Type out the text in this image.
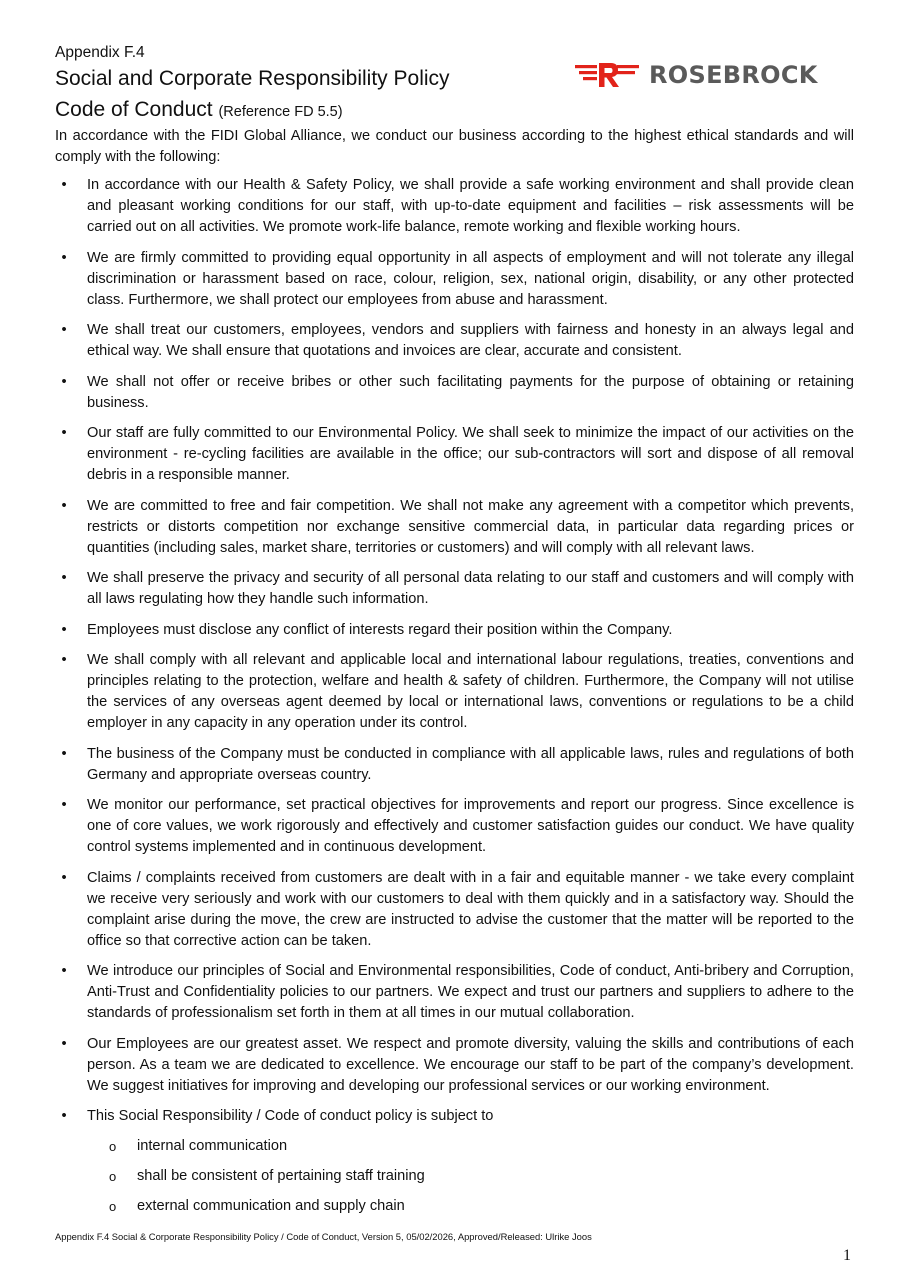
Appendix F.4
Social and Corporate Responsibility Policy
Code of Conduct (Reference FD 5.5)
ROSEBROCK
In accordance with the FIDI Global Alliance, we conduct our business according to the highest ethical standards and will comply with the following:
• In accordance with our Health & Safety Policy, we shall provide a safe working environment and shall provide clean and pleasant working conditions for our staff, with up-to-date equipment and facilities – risk assessments will be carried out on all activities. We promote work-life balance, remote working and flexible working hours.
• We are firmly committed to providing equal opportunity in all aspects of employment and will not tolerate any illegal discrimination or harassment based on race, colour, religion, sex, national origin, disability, or any other protected class. Furthermore, we shall protect our employees from abuse and harassment.
• We shall treat our customers, employees, vendors and suppliers with fairness and honesty in an always legal and ethical way. We shall ensure that quotations and invoices are clear, accurate and consistent.
• We shall not offer or receive bribes or other such facilitating payments for the purpose of obtaining or retaining business.
• Our staff are fully committed to our Environmental Policy. We shall seek to minimize the impact of our activities on the environment - re-cycling facilities are available in the office; our sub-contractors will sort and dispose of all removal debris in a responsible manner.
• We are committed to free and fair competition. We shall not make any agreement with a competitor which prevents, restricts or distorts competition nor exchange sensitive commercial data, in particular data regarding prices or quantities (including sales, market share, territories or customers) and will comply with all relevant laws.
• We shall preserve the privacy and security of all personal data relating to our staff and customers and will comply with all laws regulating how they handle such information.
• Employees must disclose any conflict of interests regard their position within the Company.
• We shall comply with all relevant and applicable local and international labour regulations, treaties, conventions and principles relating to the protection, welfare and health & safety of children. Furthermore, the Company will not utilise the services of any overseas agent deemed by local or international laws, conventions or regulations to be a child employer in any capacity in any operation under its control.
• The business of the Company must be conducted in compliance with all applicable laws, rules and regulations of both Germany and appropriate overseas country.
• We monitor our performance, set practical objectives for improvements and report our progress. Since excellence is one of core values, we work rigorously and effectively and customer satisfaction guides our conduct. We have quality control systems implemented and in continuous development.
• Claims / complaints received from customers are dealt with in a fair and equitable manner - we take every complaint we receive very seriously and work with our customers to deal with them quickly and in a satisfactory way. Should the complaint arise during the move, the crew are instructed to advise the customer that the matter will be reported to the office so that corrective action can be taken.
• We introduce our principles of Social and Environmental responsibilities, Code of conduct, Anti-bribery and Corruption, Anti-Trust and Confidentiality policies to our partners. We expect and trust our partners and suppliers to adhere to the standards of professionalism set forth in them at all times in our mutual collaboration.
• Our Employees are our greatest asset. We respect and promote diversity, valuing the skills and contributions of each person. As a team we are dedicated to excellence. We encourage our staff to be part of the company’s development. We suggest initiatives for improving and developing our professional services or our working environment.
• This Social Responsibility / Code of conduct policy is subject to
o internal communication
o shall be consistent of pertaining staff training
o external communication and supply chain
Appendix F.4 Social & Corporate Responsibility Policy / Code of Conduct, Version 5, 05/02/2026, Approved/Released: Ulrike Joos
1
